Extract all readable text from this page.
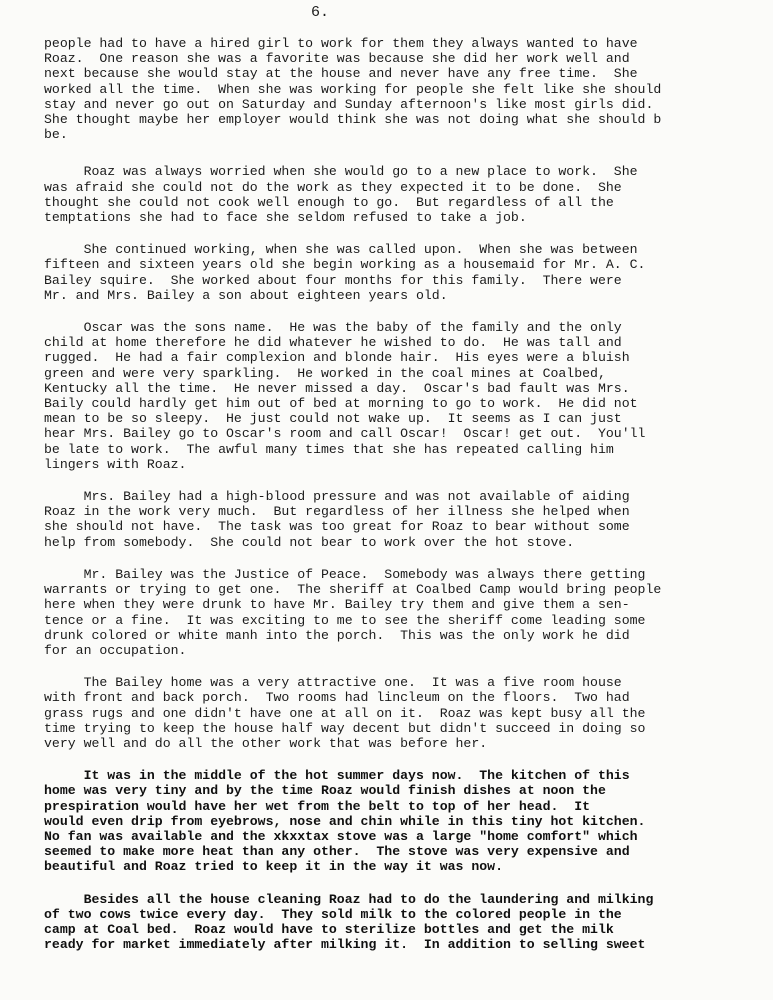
6.

people had to have a hired girl to work for them they always wanted to have
Roaz.  One reason she was a favorite was because she did her work well and
next because she would stay at the house and never have any free time.  She
worked all the time.  When she was working for people she felt like she should
stay and never go out on Saturday and Sunday afternoon's like most girls did.
She thought maybe her employer would think she was not doing what she should b
be.

Roaz was always worried when she would go to a new place to work.  She
was afraid she could not do the work as they expected it to be done.  She
thought she could not cook well enough to go.  But regardless of all the
temptations she had to face she seldom refused to take a job.

She continued working, when she was called upon.  When she was between
fifteen and sixteen years old she begin working as a housemaid for Mr. A. C.
Bailey squire.  She worked about four months for this family.  There were
Mr. and Mrs. Bailey a son about eighteen years old.

Oscar was the sons name.  He was the baby of the family and the only
child at home therefore he did whatever he wished to do.  He was tall and
rugged.  He had a fair complexion and blonde hair.  His eyes were a bluish
green and were very sparkling.  He worked in the coal mines at Coalbed,
Kentucky all the time.  He never missed a day.  Oscar's bad fault was Mrs.
Baily could hardly get him out of bed at morning to go to work.  He did not
mean to be so sleepy.  He just could not wake up.  It seems as I can just
hear Mrs. Bailey go to Oscar's room and call Oscar!  Oscar! get out.  You'll
be late to work.  The awful many times that she has repeated calling him
lingers with Roaz.

Mrs. Bailey had a high-blood pressure and was not available of aiding
Roaz in the work very much.  But regardless of her illness she helped when
she should not have.  The task was too great for Roaz to bear without some
help from somebody.  She could not bear to work over the hot stove.

Mr. Bailey was the Justice of Peace.  Somebody was always there getting
warrants or trying to get one.  The sheriff at Coalbed Camp would bring people
here when they were drunk to have Mr. Bailey try them and give them a sen-
tence or a fine.  It was exciting to me to see the sheriff come leading some
drunk colored or white manh into the porch.  This was the only work he did
for an occupation.

The Bailey home was a very attractive one.  It was a five room house
with front and back porch.  Two rooms had lincleum on the floors.  Two had
grass rugs and one didn't have one at all on it.  Roaz was kept busy all the
time trying to keep the house half way decent but didn't succeed in doing so
very well and do all the other work that was before her.

It was in the middle of the hot summer days now.  The kitchen of this
home was very tiny and by the time Roaz would finish dishes at noon the
prespiration would have her wet from the belt to top of her head.  It
would even drip from eyebrows, nose and chin while in this tiny hot kitchen.
No fan was available and the xkxxtax stove was a large "home comfort" which
seemed to make more heat than any other.  The stove was very expensive and
beautiful and Roaz tried to keep it in the way it was now.

Besides all the house cleaning Roaz had to do the laundering and milking
of two cows twice every day.  They sold milk to the colored people in the
camp at Coal bed.  Roaz would have to sterilize bottles and get the milk
ready for market immediately after milking it.  In addition to selling sweet
